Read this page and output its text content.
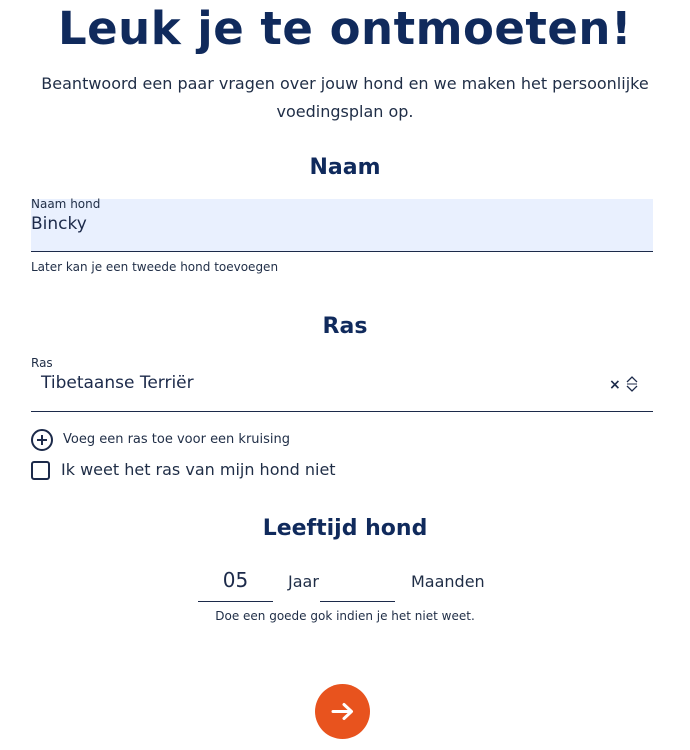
Leuk je te ontmoeten!
Beantwoord een paar vragen over jouw hond en we maken het persoonlijke
voedingsplan op.
Naam
Naam hond
Bincky
Later kan je een tweede hond toevoegen
Ras
Ras
Tibetaanse Terriër	×
Voeg een ras toe voor een kruising
Ik weet het ras van mijn hond niet
Leeftijd hond
05	Jaar	Maanden
Doe een goede gok indien je het niet weet.
